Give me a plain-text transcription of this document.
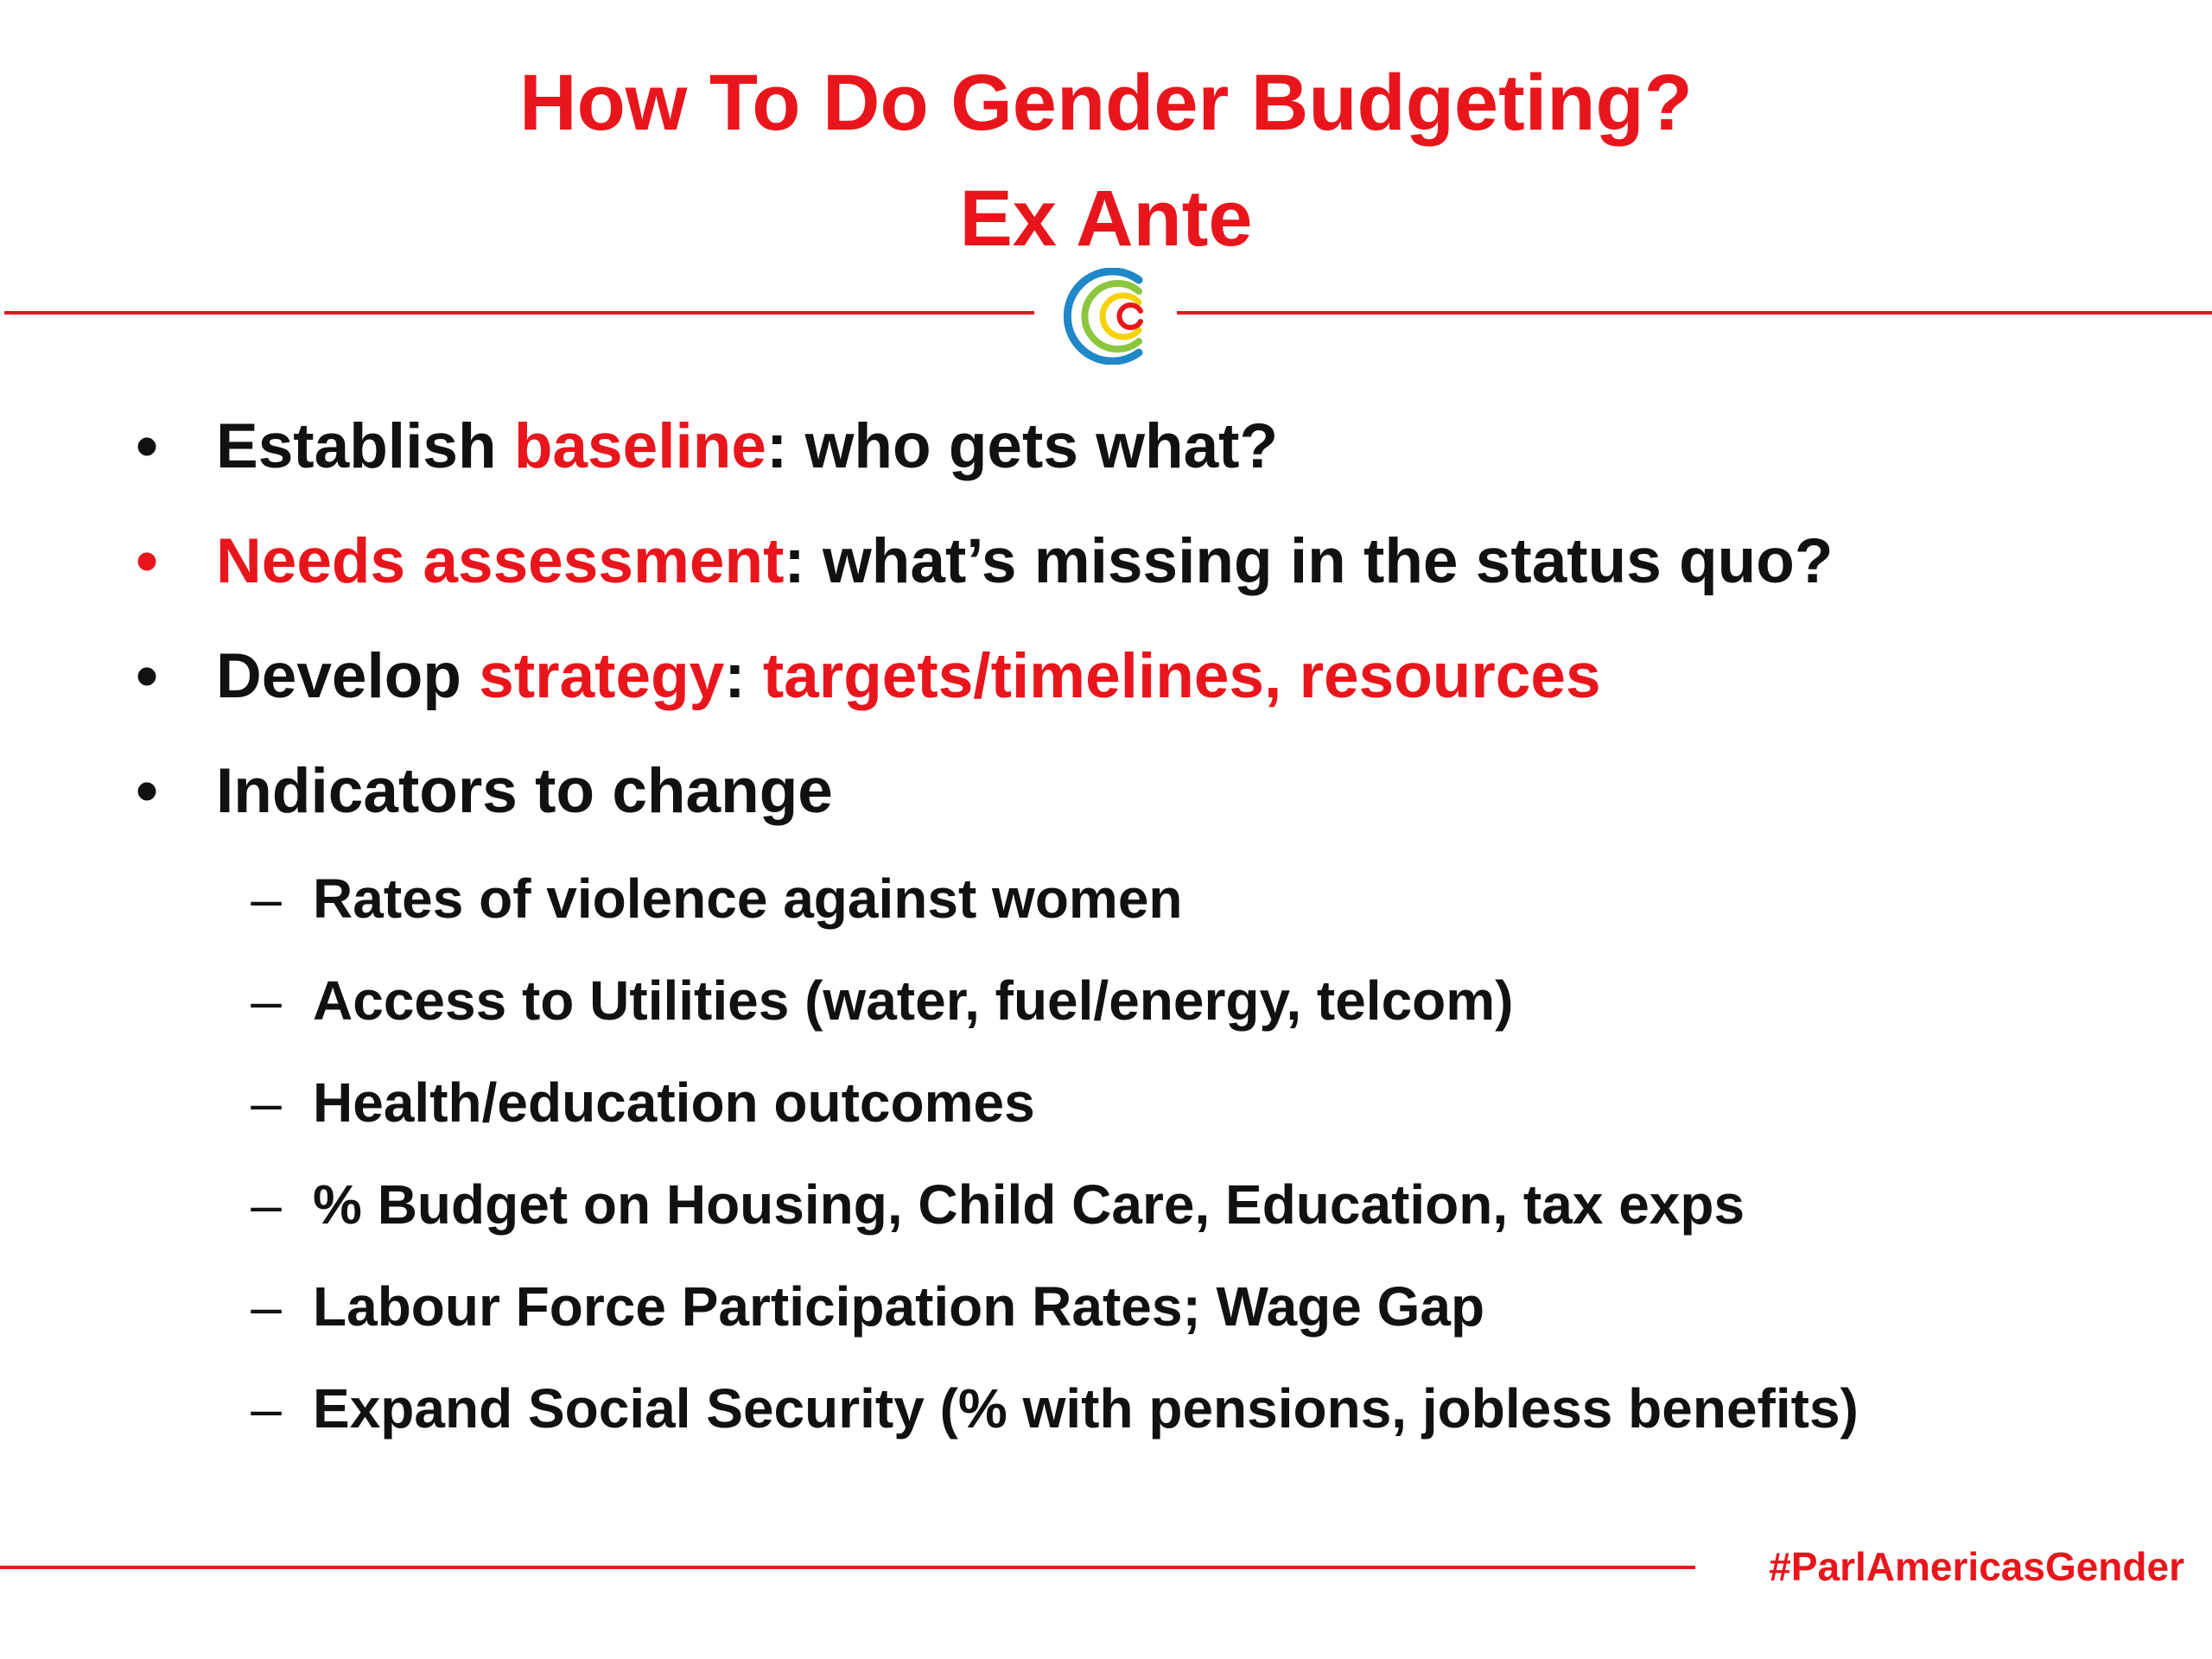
How To Do Gender Budgeting?
Ex Ante
• Establish baseline: who gets what?
• Needs assessment: what’s missing in the status quo?
• Develop strategy: targets/timelines, resources
• Indicators to change
– Rates of violence against women
– Access to Utilities (water, fuel/energy, telcom)
– Health/education outcomes
– % Budget on Housing, Child Care, Education, tax exps
– Labour Force Participation Rates; Wage Gap
– Expand Social Security (% with pensions, jobless benefits)
#ParlAmericasGender
